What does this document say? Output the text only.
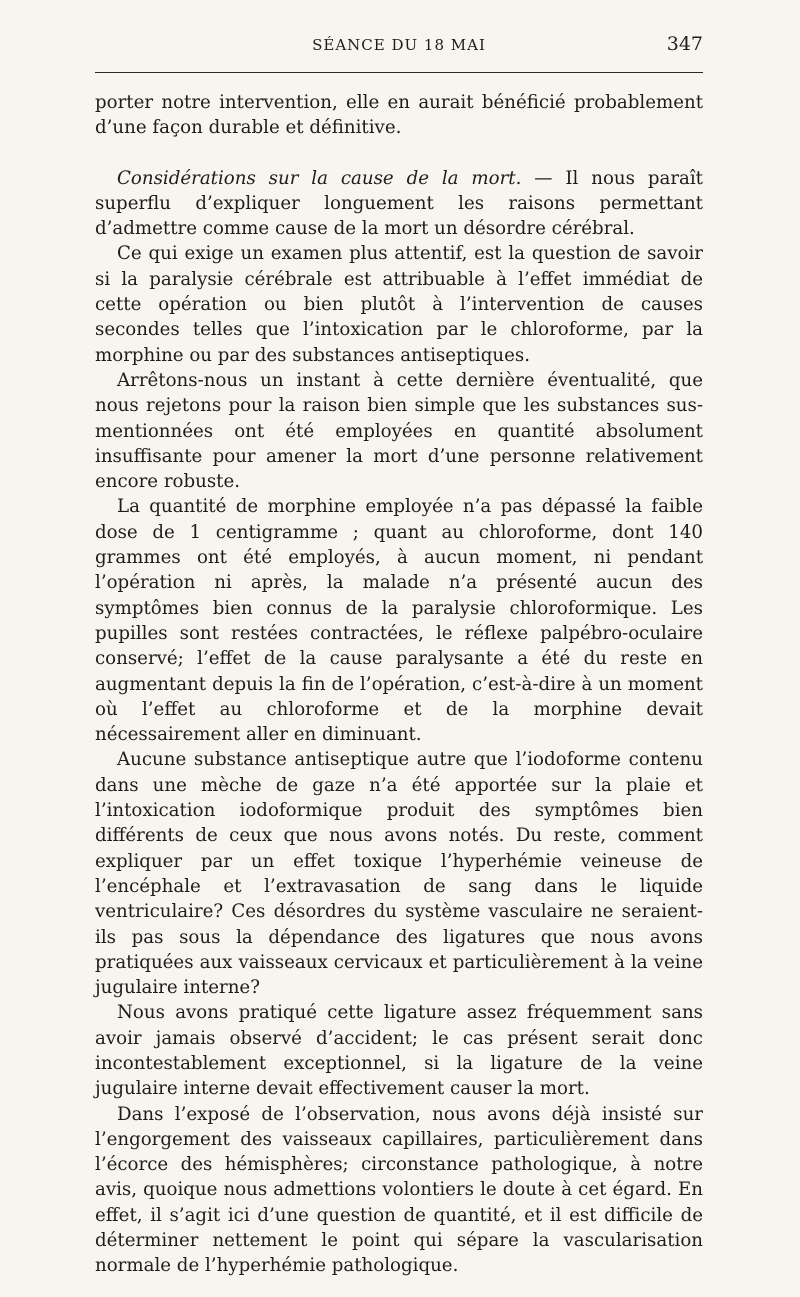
SÉANCE DU 18 MAI	347

porter notre intervention, elle en aurait bénéficié probablement d’une façon durable et définitive.

Considérations sur la cause de la mort. — Il nous paraît superflu d’expliquer longuement les raisons permettant d’admettre comme cause de la mort un désordre cérébral.

Ce qui exige un examen plus attentif, est la question de savoir si la paralysie cérébrale est attribuable à l’effet immédiat de cette opération ou bien plutôt à l’intervention de causes secondes telles que l’intoxication par le chloroforme, par la morphine ou par des substances antiseptiques.

Arrêtons-nous un instant à cette dernière éventualité, que nous rejetons pour la raison bien simple que les substances sus-mentionnées ont été employées en quantité absolument insuffisante pour amener la mort d’une personne relativement encore robuste.

La quantité de morphine employée n’a pas dépassé la faible dose de 1 centigramme ; quant au chloroforme, dont 140 grammes ont été employés, à aucun moment, ni pendant l’opération ni après, la malade n’a présenté aucun des symptômes bien connus de la paralysie chloroformique. Les pupilles sont restées contractées, le réflexe palpébro-oculaire conservé; l’effet de la cause paralysante a été du reste en augmentant depuis la fin de l’opération, c’est-à-dire à un moment où l’effet au chloroforme et de la morphine devait nécessairement aller en diminuant.

Aucune substance antiseptique autre que l’iodoforme contenu dans une mèche de gaze n’a été apportée sur la plaie et l’intoxication iodoformique produit des symptômes bien différents de ceux que nous avons notés. Du reste, comment expliquer par un effet toxique l’hyperhémie veineuse de l’encéphale et l’extravasation de sang dans le liquide ventriculaire? Ces désordres du système vasculaire ne seraient-ils pas sous la dépendance des ligatures que nous avons pratiquées aux vaisseaux cervicaux et particulièrement à la veine jugulaire interne?

Nous avons pratiqué cette ligature assez fréquemment sans avoir jamais observé d’accident; le cas présent serait donc incontestablement exceptionnel, si la ligature de la veine jugulaire interne devait effectivement causer la mort.

Dans l’exposé de l’observation, nous avons déjà insisté sur l’engorgement des vaisseaux capillaires, particulièrement dans l’écorce des hémisphères; circonstance pathologique, à notre avis, quoique nous admettions volontiers le doute à cet égard. En effet, il s’agit ici d’une question de quantité, et il est difficile de déterminer nettement le point qui sépare la vascularisation normale de l’hyperhémie pathologique.
